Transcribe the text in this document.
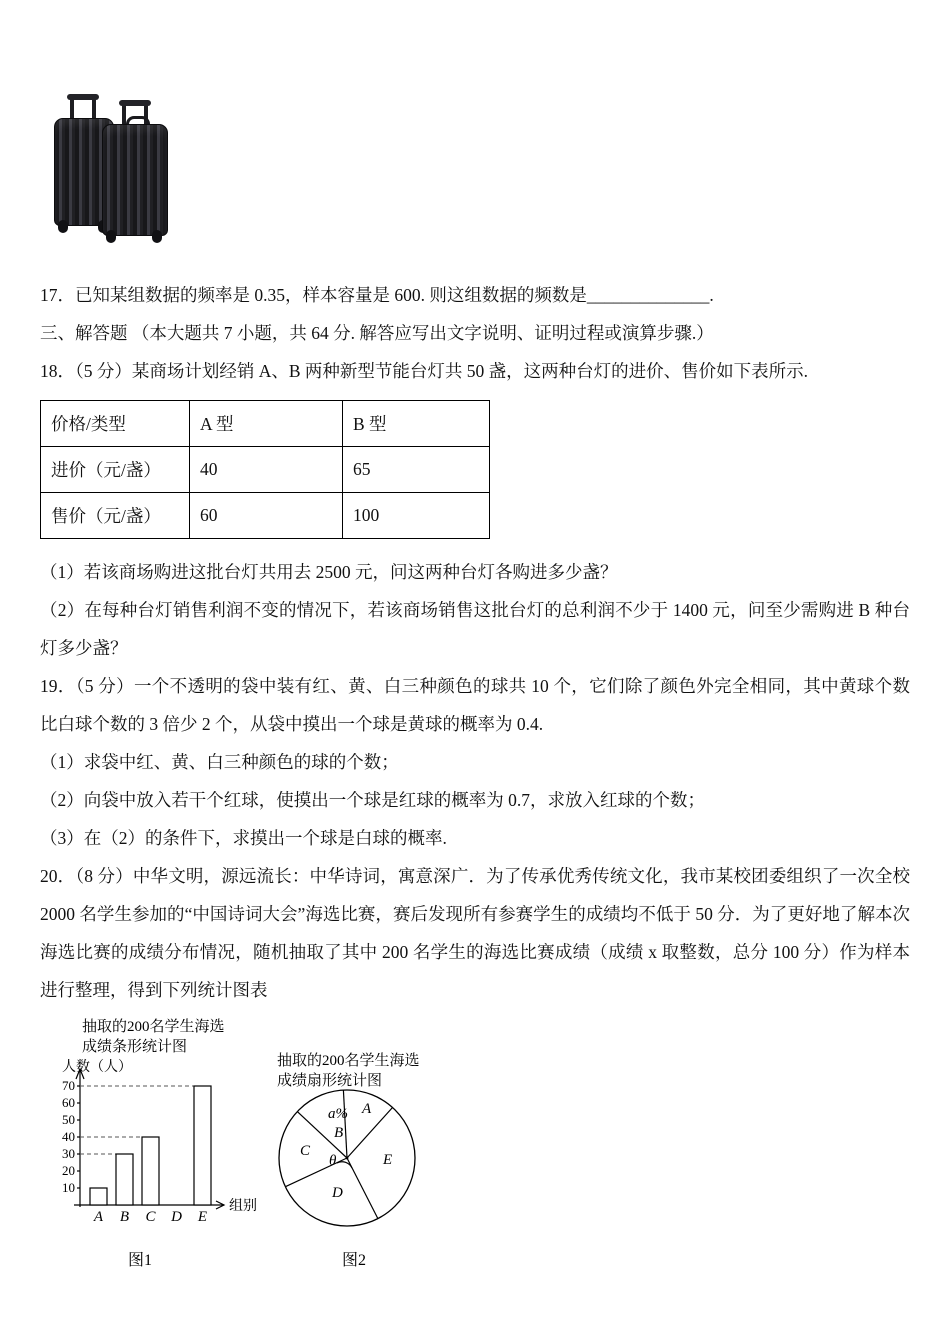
17．已知某组数据的频率是 0.35，样本容量是 600. 则这组数据的频数是______________.

三、解答题 （本大题共 7 小题，共 64 分. 解答应写出文字说明、证明过程或演算步骤.）

18．（5 分）某商场计划经销 A、B 两种新型节能台灯共 50 盏，这两种台灯的进价、售价如下表所示.

价格/类型	A 型	B 型
进价（元/盏）	40	65
售价（元/盏）	60	100

（1）若该商场购进这批台灯共用去 2500 元，问这两种台灯各购进多少盏？

（2）在每种台灯销售利润不变的情况下，若该商场销售这批台灯的总利润不少于 1400 元，问至少需购进 B 种台灯多少盏？

19．（5 分）一个不透明的袋中装有红、黄、白三种颜色的球共 10 个，它们除了颜色外完全相同，其中黄球个数比白球个数的 3 倍少 2 个，从袋中摸出一个球是黄球的概率为 0.4.

（1）求袋中红、黄、白三种颜色的球的个数；

（2）向袋中放入若干个红球，使摸出一个球是红球的概率为 0.7，求放入红球的个数；

（3）在（2）的条件下，求摸出一个球是白球的概率.

20．（8 分）中华文明，源远流长：中华诗词，寓意深广．为了传承优秀传统文化，我市某校团委组织了一次全校 2000 名学生参加的“中国诗词大会”海选比赛，赛后发现所有参赛学生的成绩均不低于 50 分．为了更好地了解本次海选比赛的成绩分布情况，随机抽取了其中 200 名学生的海选比赛成绩（成绩 x 取整数，总分 100 分）作为样本进行整理，得到下列统计图表

抽取的200名学生海选
成绩条形统计图
人数（人）
组别
10
20
30
40
50
60
70
A B C D E
图1
抽取的200名学生海选
成绩扇形统计图
a% A
B
θ
C
D
E
图2
